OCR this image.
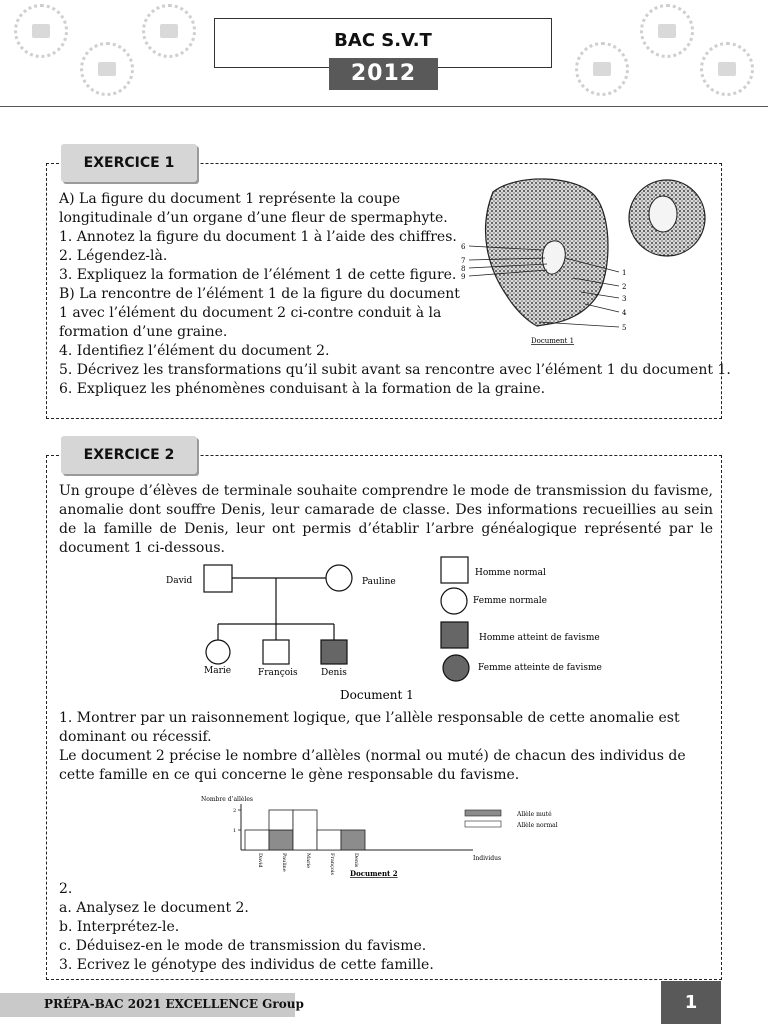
BAC S.V.T
2012
EXERCICE 1
A) La figure du document 1 représente la coupe
longitudinale d’un organe d’une fleur de spermaphyte.
1. Annotez la figure du document 1 à l’aide des chiffres.
2. Légendez-là.
3. Expliquez la formation de l’élément 1 de cette figure.
B) La rencontre de l’élément 1 de la figure du document
1 avec l’élément du document 2 ci-contre conduit à la
formation d’une graine.
4. Identifiez l’élément du document 2.
5. Décrivez les transformations qu’il subit avant sa rencontre avec l’élément 1 du document 1.
6. Expliquez les phénomènes conduisant à la formation de la graine.
6
7
8
9	1
2
3
4
5
Document 1
EXERCICE 2
Un groupe d’élèves de terminale souhaite comprendre le mode de transmission du favisme, anomalie dont souffre Denis, leur camarade de classe. Des informations recueillies au sein de la famille de Denis, leur ont permis d’établir l’arbre généalogique représenté par le document 1 ci-dessous.
David	Pauline
Marie	François	Denis
Homme normal
Femme normale
Homme atteint de favisme
Femme atteinte de favisme
Document 1
1. Montrer par un raisonnement logique, que l’allèle responsable de cette anomalie est dominant ou récessif.
Le document 2 précise le nombre d’allèles (normal ou muté) de chacun des individus de cette famille en ce qui concerne le gène responsable du favisme.
Nombre d’allèles
Individus
1
2
David	Pauline	Marie	François	Denis
Allèle muté
Allèle normal
Document 2
2.
a. Analysez le document 2.
b. Interprétez-le.
c. Déduisez-en le mode de transmission du favisme.
3. Ecrivez le génotype des individus de cette famille.
PRÉPA-BAC 2021 EXCELLENCE Group	1
